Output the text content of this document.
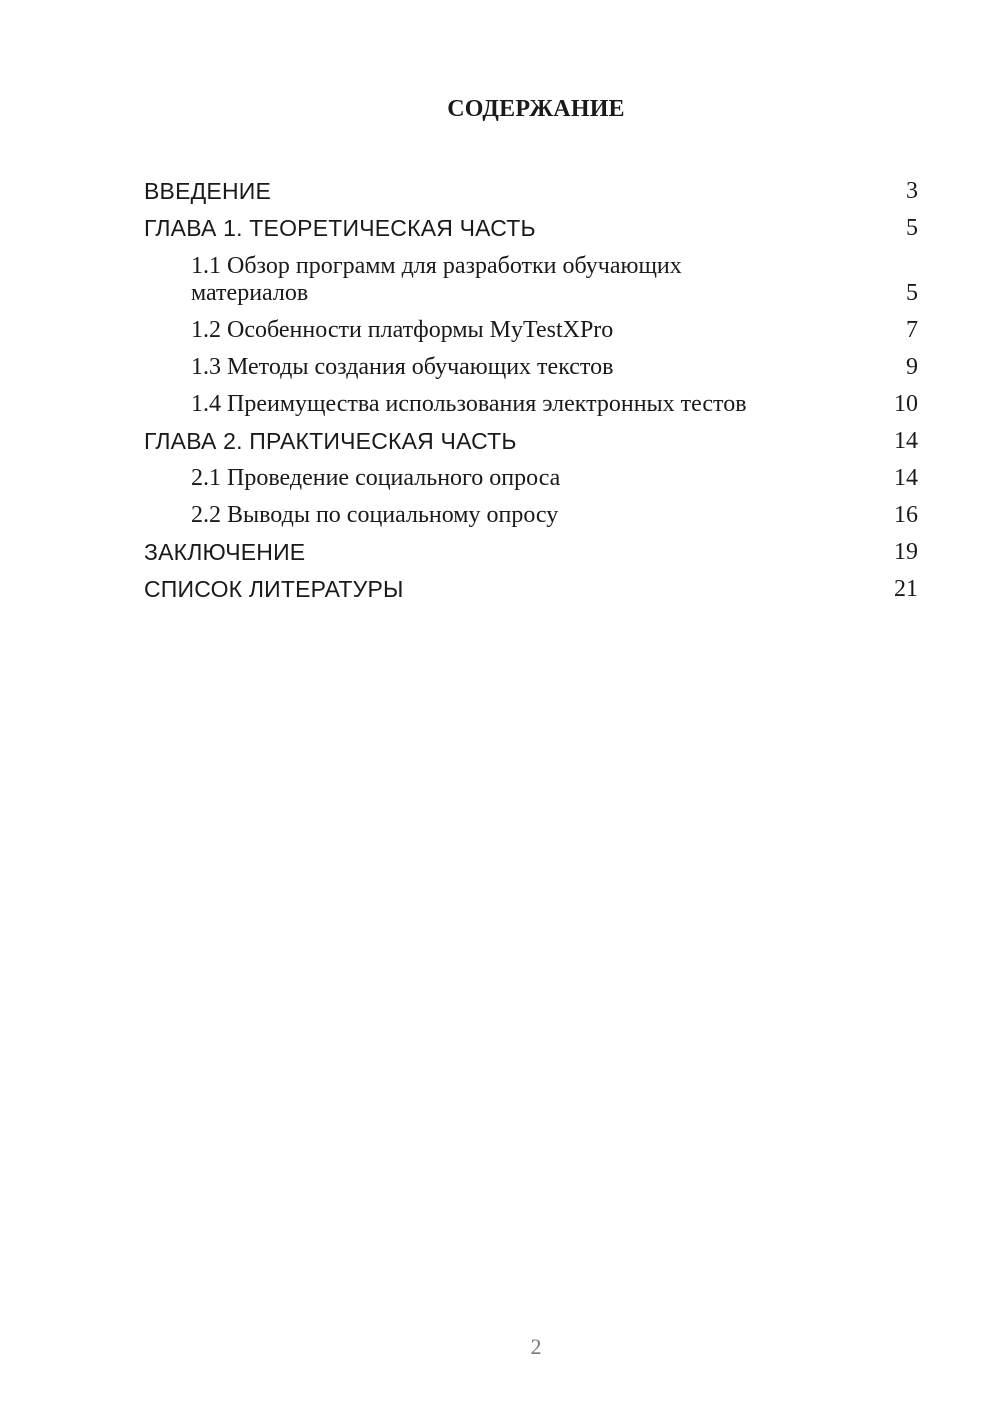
СОДЕРЖАНИЕ
ВВЕДЕНИЕ	3
ГЛАВА 1. ТЕОРЕТИЧЕСКАЯ ЧАСТЬ	5
1.1 Обзор программ для разработки обучающих материалов	5
1.2 Особенности платформы MyTestXPro	7
1.3 Методы создания обучающих текстов	9
1.4 Преимущества использования электронных тестов	10
ГЛАВА 2. ПРАКТИЧЕСКАЯ ЧАСТЬ	14
2.1 Проведение социального опроса	14
2.2 Выводы по социальному опросу	16
ЗАКЛЮЧЕНИЕ	19
СПИСОК ЛИТЕРАТУРЫ	21
2
